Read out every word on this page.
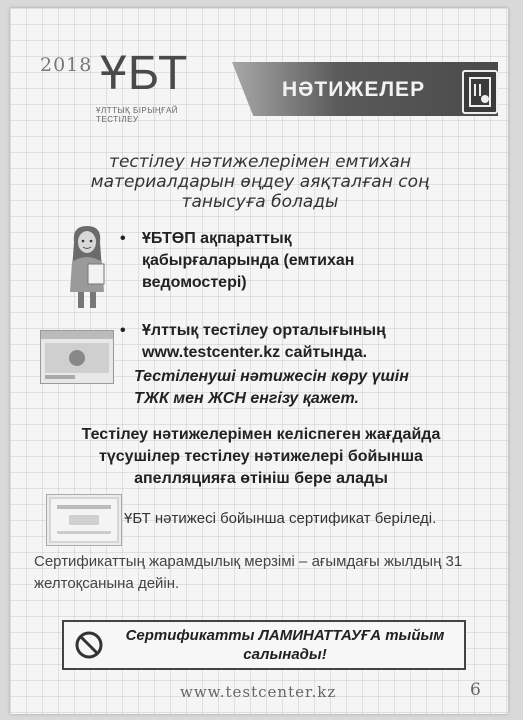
2018 ҰБТ
ҰЛТТЫҚ БІРЫҢҒАЙ ТЕСТІЛЕУ
НӘТИЖЕЛЕР
тестілеу нәтижелерімен емтихан материалдарын өңдеу аяқталған соң танысуға болады
• ҰБТӨП ақпараттық қабырғаларында (емтихан ведомостері)
• Ұлттық тестілеу орталығының www.testcenter.kz сайтында.
Тестіленуші нәтижесін көру үшін ТЖК мен ЖСН енгізу қажет.
Тестілеу нәтижелерімен келіспеген жағдайда түсушілер тестілеу нәтижелері бойынша апелляцияға өтініш бере алады
ҰБТ нәтижесі бойынша сертификат беріледі.
Сертификаттың жарамдылық мерзімі – ағымдағы жылдың 31 желтоқсанына дейін.
Сертификатты ЛАМИНАТТАУҒА тыйым салынады!
www.testcenter.kz	6
